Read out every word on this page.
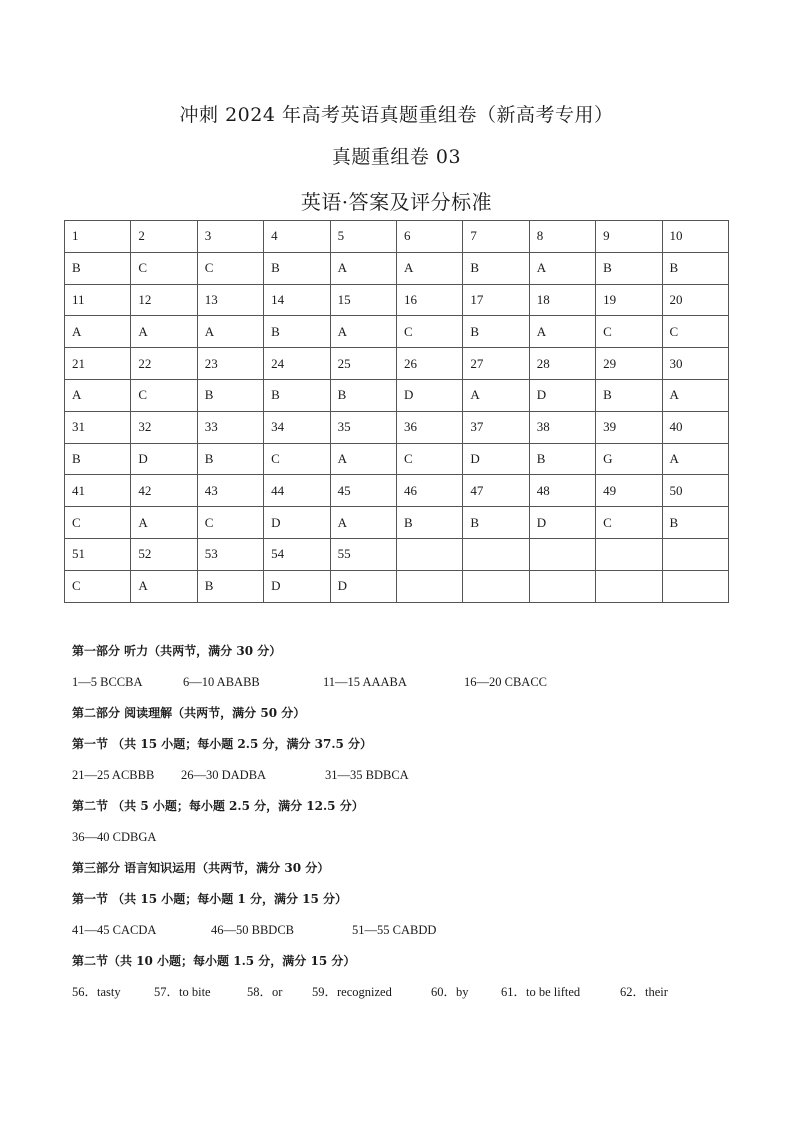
冲刺 2024 年高考英语真题重组卷（新高考专用）
真题重组卷 03
英语·答案及评分标准
1	2	3	4	5	6	7	8	9	10
B	C	C	B	A	A	B	A	B	B
11	12	13	14	15	16	17	18	19	20
A	A	A	B	A	C	B	A	C	C
21	22	23	24	25	26	27	28	29	30
A	C	B	B	B	D	A	D	B	A
31	32	33	34	35	36	37	38	39	40
B	D	B	C	A	C	D	B	G	A
41	42	43	44	45	46	47	48	49	50
C	A	C	D	A	B	B	D	C	B
51	52	53	54	55					
C	A	B	D	D					
第一部分 听力（共两节，满分 30 分）
1—5 BCCBA	6—10 ABABB	11—15 AAABA	16—20 CBACC
第二部分 阅读理解（共两节，满分 50 分）
第一节 （共 15 小题；每小题 2.5 分，满分 37.5 分）
21—25 ACBBB 26—30 DADBA	31—35 BDBCA
第二节 （共 5 小题；每小题 2.5 分，满分 12.5 分）
36—40 CDBGA
第三部分 语言知识运用（共两节，满分 30 分）
第一节 （共 15 小题；每小题 1 分，满分 15 分）
41—45 CACDA	46—50 BBDCB	51—55 CABDD
第二节（共 10 小题；每小题 1.5 分，满分 15 分）
56．tasty	57．to bite	58．or 59．recognized	60．by	61．to be lifted	62．their
